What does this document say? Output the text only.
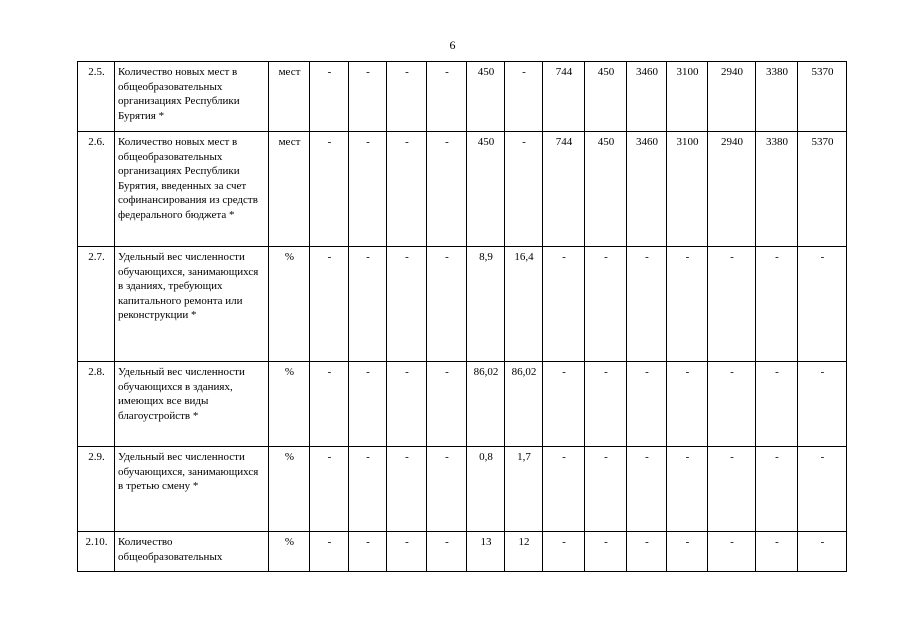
6
2.5.	Количество новых мест в общеобразовательных организациях Республики Бурятия *	мест	-	-	-	-	450	-	744	450	3460	3100	2940	3380	5370
2.6.	Количество новых мест в общеобразовательных организациях Республики Бурятия, введенных за счет софинансирования из средств федерального бюджета *	мест	-	-	-	-	450	-	744	450	3460	3100	2940	3380	5370
2.7.	Удельный вес численности обучающихся, занимающихся в зданиях, требующих капитального ремонта или реконструкции *	%	-	-	-	-	8,9	16,4	-	-	-	-	-	-	-
2.8.	Удельный вес численности обучающихся в зданиях, имеющих все виды благоустройств *	%	-	-	-	-	86,02	86,02	-	-	-	-	-	-	-
2.9.	Удельный вес численности обучающихся, занимающихся в третью смену *	%	-	-	-	-	0,8	1,7	-	-	-	-	-	-	-
2.10.	Количество общеобразовательных	%	-	-	-	-	13	12	-	-	-	-	-	-	-
